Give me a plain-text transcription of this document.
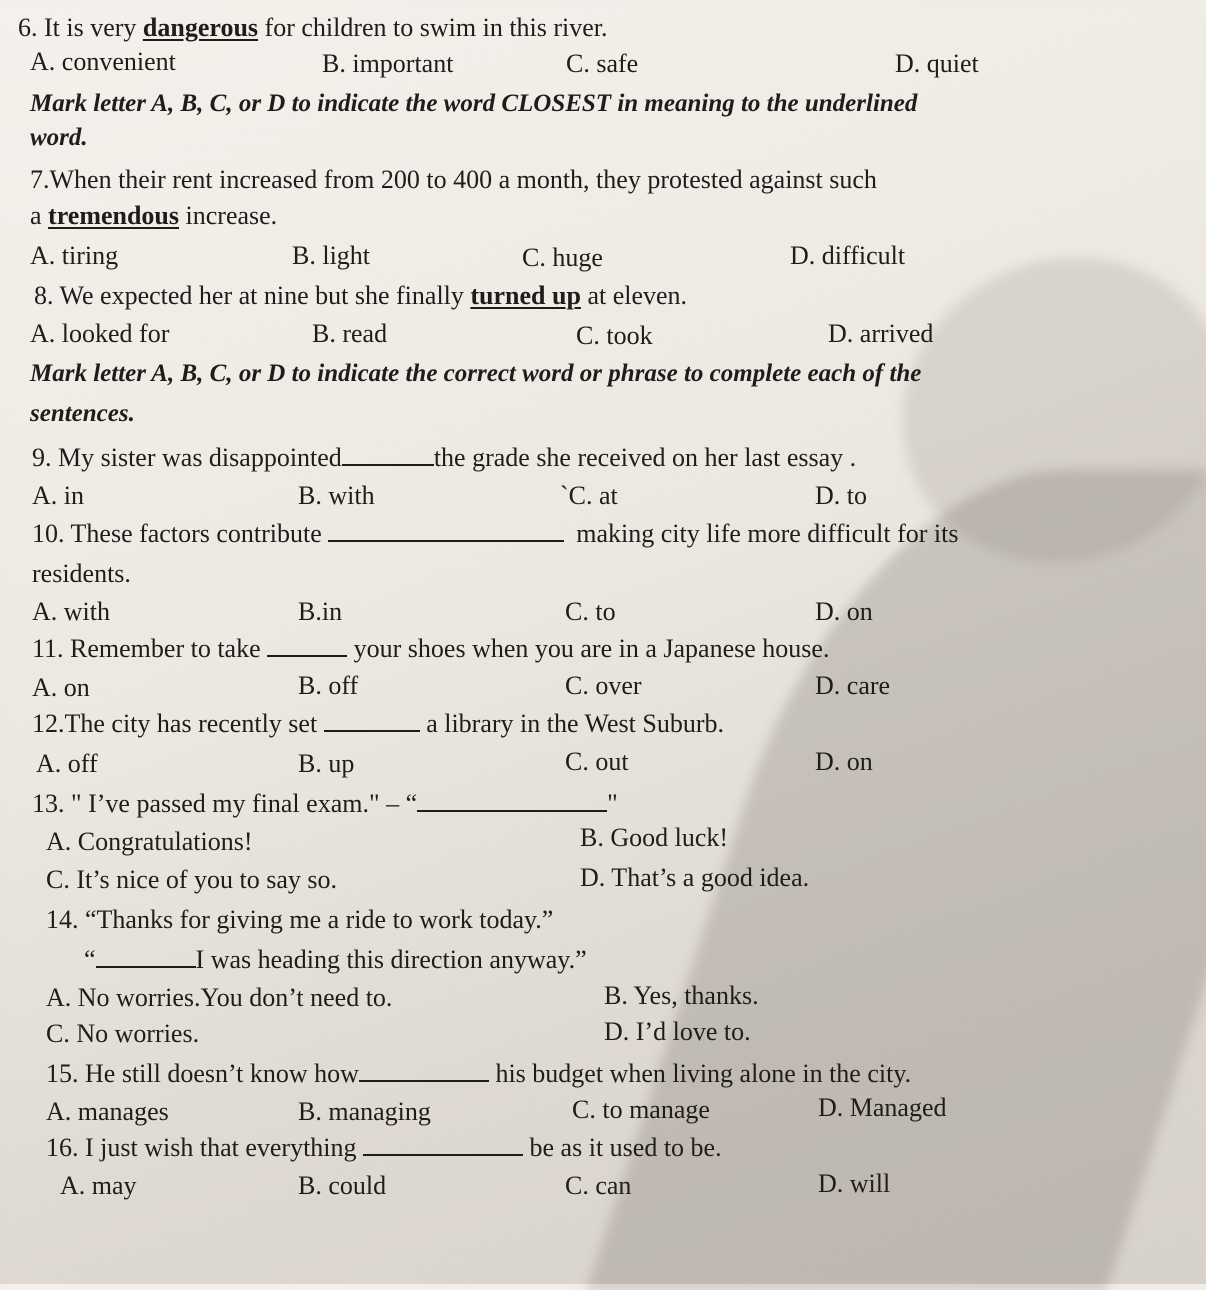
6. It is very dangerous for children to swim in this river.
A. convenient	B. important	C. safe	D. quiet
Mark letter A, B, C, or D to indicate the word CLOSEST in meaning to the underlined
word.
7.When their rent increased from 200 to 400 a month, they protested against such
a tremendous increase.
A. tiring	B. light	C. huge	D. difficult
8. We expected her at nine but she finally turned up at eleven.
A. looked for	B. read	C. took	D. arrived
Mark letter A, B, C, or D to indicate the correct word or phrase to complete each of the
sentences.
9. My sister was disappointed	the grade she received on her last essay .
A. in	B. with	`C. at	D. to
10. These factors contribute	making city life more difficult for its
residents.
A. with	B.in	C. to	D. on
11. Remember to take	your shoes when you are in a Japanese house.
A. on	B. off	C. over	D. care
12.The city has recently set	a library in the West Suburb.
A. off	B. up	C. out	D. on
13. " I’ve passed my final exam." – “	"
A. Congratulations!	B. Good luck!
C. It’s nice of you to say so.	D. That’s a good idea.
14. “Thanks for giving me a ride to work today.”
“	I was heading this direction anyway.”
A. No worries.You don’t need to.	B. Yes, thanks.
C. No worries.	D. I’d love to.
15. He still doesn’t know how	his budget when living alone in the city.
A. manages	B. managing	C. to manage	D. Managed
16. I just wish that everything	be as it used to be.
A. may	B. could	C. can	D. will
